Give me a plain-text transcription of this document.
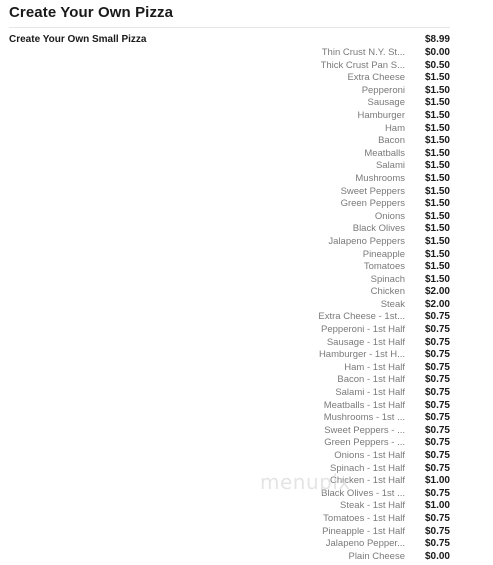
Create Your Own Pizza
Create Your Own Small Pizza	$8.99
Thin Crust N.Y. St... $0.00
Thick Crust Pan S... $0.50
Extra Cheese $1.50
Pepperoni $1.50
Sausage $1.50
Hamburger $1.50
Ham $1.50
Bacon $1.50
Meatballs $1.50
Salami $1.50
Mushrooms $1.50
Sweet Peppers $1.50
Green Peppers $1.50
Onions $1.50
Black Olives $1.50
Jalapeno Peppers $1.50
Pineapple $1.50
Tomatoes $1.50
Spinach $1.50
Chicken $2.00
Steak $2.00
Extra Cheese - 1st... $0.75
Pepperoni - 1st Half $0.75
Sausage - 1st Half $0.75
Hamburger - 1st H... $0.75
Ham - 1st Half $0.75
Bacon - 1st Half $0.75
Salami - 1st Half $0.75
Meatballs - 1st Half $0.75
Mushrooms - 1st ... $0.75
Sweet Peppers - ... $0.75
Green Peppers - ... $0.75
Onions - 1st Half $0.75
Spinach - 1st Half $0.75
Chicken - 1st Half $1.00
Black Olives - 1st ... $0.75
Steak - 1st Half $1.00
Tomatoes - 1st Half $0.75
Pineapple - 1st Half $0.75
Jalapeno Pepper... $0.75
Plain Cheese $0.00
menupix
